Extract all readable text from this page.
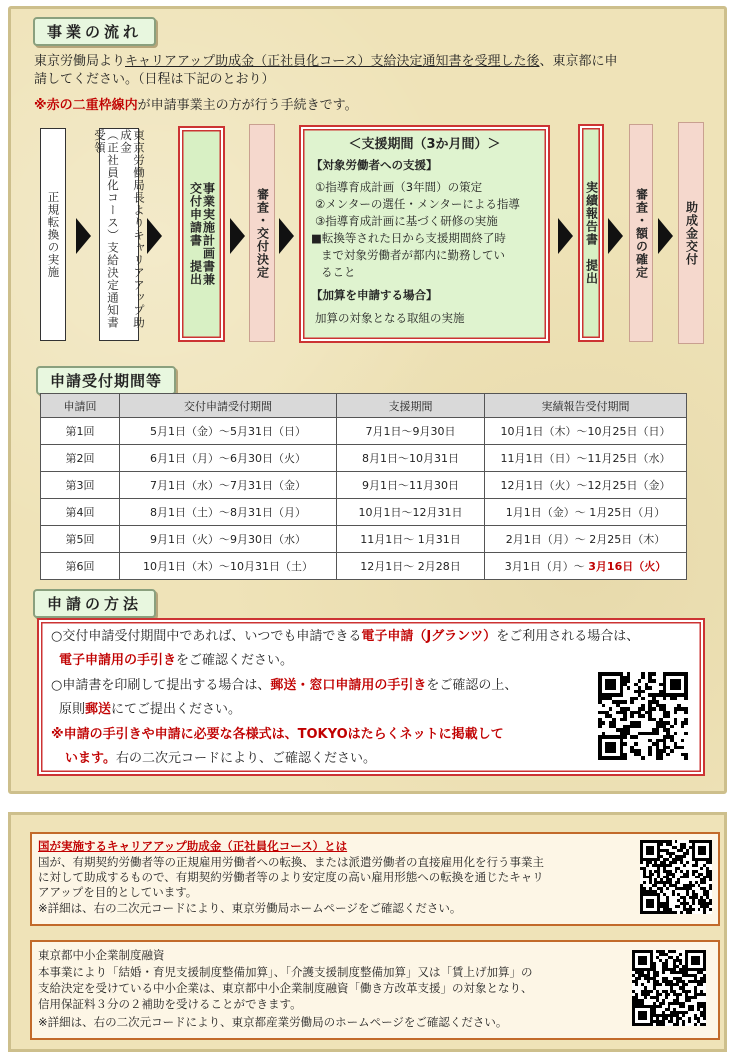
事業の流れ
東京労働局よりキャリアアップ助成金（正社員化コース）支給決定通知書を受理した後、東京都に申
請してください。（日程は下記のとおり）
※赤の二重枠線内が申請事業主の方が行う手続きです。
正規転換の実施	東京労働局長よりキャリアアップ助成金
（正社員化コース）支給決定通知書受領
事業実施計画書兼
交付申請書　提出	審査・交付決定
＜支援期間（3か月間）＞
【対象労働者への支援】
①指導育成計画（3年間）の策定
②メンターの選任・メンターによる指導
③指導育成計画に基づく研修の実施
■転換等された日から支援期間終了時
まで対象労働者が都内に勤務してい
ること
【加算を申請する場合】
加算の対象となる取組の実施
実績報告書　提出	審査・額の確定	助成金交付
申請受付期間等
申請回	交付申請受付期間	支援期間	実績報告受付期間
第1回	5月1日（金）～5月31日（日）	7月1日～9月30日	10月1日（木）～10月25日（日）
第2回	6月1日（月）～6月30日（火）	8月1日～10月31日	11月1日（日）～11月25日（水）
第3回	7月1日（水）～7月31日（金）	9月1日～11月30日	12月1日（火）～12月25日（金）
第4回	8月1日（土）～8月31日（月）	10月1日～12月31日	1月1日（金）～ 1月25日（月）
第5回	9月1日（火）～9月30日（水）	11月1日～ 1月31日	2月1日（月）～ 2月25日（木）
第6回	10月1日（木）～10月31日（土）	12月1日～ 2月28日	3月1日（月）～ 3月16日（火）
申請の方法
○交付申請受付期間中であれば、いつでも申請できる電子申請（Jグランツ）をご利用される場合は、
電子申請用の手引きをご確認ください。
○申請書を印刷して提出する場合は、郵送・窓口申請用の手引きをご確認の上、
原則郵送にてご提出ください。
※申請の手引きや申請に必要な各様式は、TOKYOはたらくネットに掲載して
います。右の二次元コードにより、ご確認ください。
国が実施するキャリアアップ助成金（正社員化コース）とは
国が、有期契約労働者等の正規雇用労働者への転換、または派遣労働者の直接雇用化を行う事業主
に対して助成するもので、有期契約労働者等のより安定度の高い雇用形態への転換を通じたキャリ
アアップを目的としています。
※詳細は、右の二次元コードにより、東京労働局ホームページをご確認ください。
東京都中小企業制度融資
本事業により「結婚・育児支援制度整備加算」、「介護支援制度整備加算」又は「賃上げ加算」の
支給決定を受けている中小企業は、東京都中小企業制度融資「働き方改革支援」の対象となり、
信用保証料３分の２補助を受けることができます。
※詳細は、右の二次元コードにより、東京都産業労働局のホームページをご確認ください。
